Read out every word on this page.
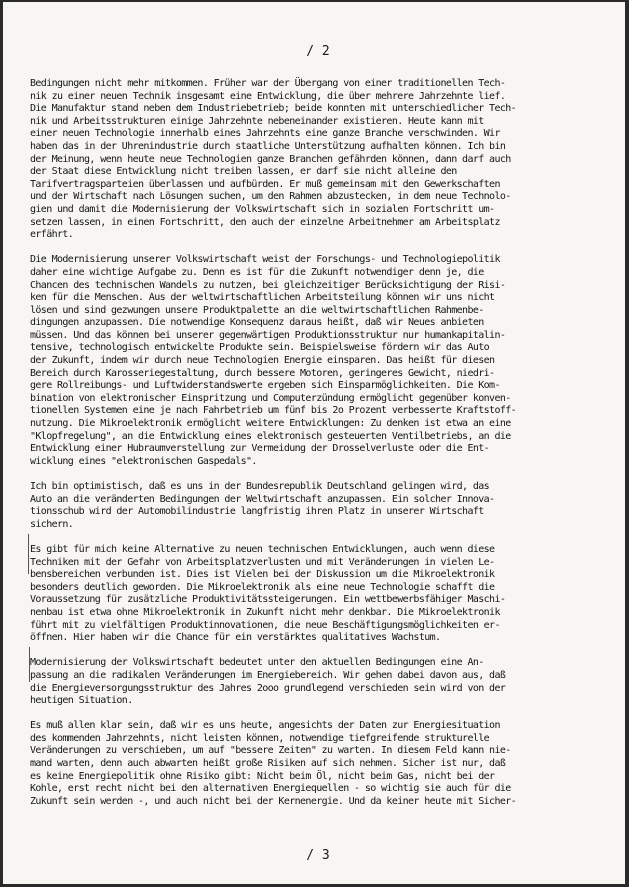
/ 2
Bedingungen nicht mehr mitkommen. Früher war der Übergang von einer traditionellen Tech-
nik zu einer neuen Technik insgesamt eine Entwicklung, die über mehrere Jahrzehnte lief.
Die Manufaktur stand neben dem Industriebetrieb; beide konnten mit unterschiedlicher Tech-
nik und Arbeitsstrukturen einige Jahrzehnte nebeneinander existieren. Heute kann mit
einer neuen Technologie innerhalb eines Jahrzehnts eine ganze Branche verschwinden. Wir
haben das in der Uhrenindustrie durch staatliche Unterstützung aufhalten können. Ich bin
der Meinung, wenn heute neue Technologien ganze Branchen gefährden können, dann darf auch
der Staat diese Entwicklung nicht treiben lassen, er darf sie nicht alleine den
Tarifvertragsparteien überlassen und aufbürden. Er muß gemeinsam mit den Gewerkschaften
und der Wirtschaft nach Lösungen suchen, um den Rahmen abzustecken, in dem neue Technolo-
gien und damit die Modernisierung der Volkswirtschaft sich in sozialen Fortschritt um-
setzen lassen, in einen Fortschritt, den auch der einzelne Arbeitnehmer am Arbeitsplatz
erfährt.
Die Modernisierung unserer Volkswirtschaft weist der Forschungs- und Technologiepolitik
daher eine wichtige Aufgabe zu. Denn es ist für die Zukunft notwendiger denn je, die
Chancen des technischen Wandels zu nutzen, bei gleichzeitiger Berücksichtigung der Risi-
ken für die Menschen. Aus der weltwirtschaftlichen Arbeitsteilung können wir uns nicht
lösen und sind gezwungen unsere Produktpalette an die weltwirtschaftlichen Rahmenbe-
dingungen anzupassen. Die notwendige Konsequenz daraus heißt, daß wir Neues anbieten
müssen. Und das können bei unserer gegenwärtigen Produktionsstruktur nur humankapitalin-
tensive, technologisch entwickelte Produkte sein. Beispielsweise fördern wir das Auto
der Zukunft, indem wir durch neue Technologien Energie einsparen. Das heißt für diesen
Bereich durch Karosseriegestaltung, durch bessere Motoren, geringeres Gewicht, niedri-
gere Rollreibungs- und Luftwiderstandswerte ergeben sich Einsparmöglichkeiten. Die Kom-
bination von elektronischer Einspritzung und Computerzündung ermöglicht gegenüber konven-
tionellen Systemen eine je nach Fahrbetrieb um fünf bis 2o Prozent verbesserte Kraftstoff-
nutzung. Die Mikroelektronik ermöglicht weitere Entwicklungen: Zu denken ist etwa an eine
"Klopfregelung", an die Entwicklung eines elektronisch gesteuerten Ventilbetriebs, an die
Entwicklung einer Hubraumverstellung zur Vermeidung der Drosselverluste oder die Ent-
wicklung eines "elektronischen Gaspedals".
Ich bin optimistisch, daß es uns in der Bundesrepublik Deutschland gelingen wird, das
Auto an die veränderten Bedingungen der Weltwirtschaft anzupassen. Ein solcher Innova-
tionsschub wird der Automobilindustrie langfristig ihren Platz in unserer Wirtschaft
sichern.
Es gibt für mich keine Alternative zu neuen technischen Entwicklungen, auch wenn diese
Techniken mit der Gefahr von Arbeitsplatzverlusten und mit Veränderungen in vielen Le-
bensbereichen verbunden ist. Dies ist Vielen bei der Diskussion um die Mikroelektronik
besonders deutlich geworden. Die Mikroelektronik als eine neue Technologie schafft die
Voraussetzung für zusätzliche Produktivitätssteigerungen. Ein wettbewerbsfähiger Maschi-
nenbau ist etwa ohne Mikroelektronik in Zukunft nicht mehr denkbar. Die Mikroelektronik
führt mit zu vielfältigen Produktinnovationen, die neue Beschäftigungsmöglichkeiten er-
öffnen. Hier haben wir die Chance für ein verstärktes qualitatives Wachstum.
Modernisierung der Volkswirtschaft bedeutet unter den aktuellen Bedingungen eine An-
passung an die radikalen Veränderungen im Energiebereich. Wir gehen dabei davon aus, daß
die Energieversorgungsstruktur des Jahres 2ooo grundlegend verschieden sein wird von der
heutigen Situation.
Es muß allen klar sein, daß wir es uns heute, angesichts der Daten zur Energiesituation
des kommenden Jahrzehnts, nicht leisten können, notwendige tiefgreifende strukturelle
Veränderungen zu verschieben, um auf "bessere Zeiten" zu warten. In diesem Feld kann nie-
mand warten, denn auch abwarten heißt große Risiken auf sich nehmen. Sicher ist nur, daß
es keine Energiepolitik ohne Risiko gibt: Nicht beim Öl, nicht beim Gas, nicht bei der
Kohle, erst recht nicht bei den alternativen Energiequellen - so wichtig sie auch für die
Zukunft sein werden -, und auch nicht bei der Kernenergie. Und da keiner heute mit Sicher-
/ 3
